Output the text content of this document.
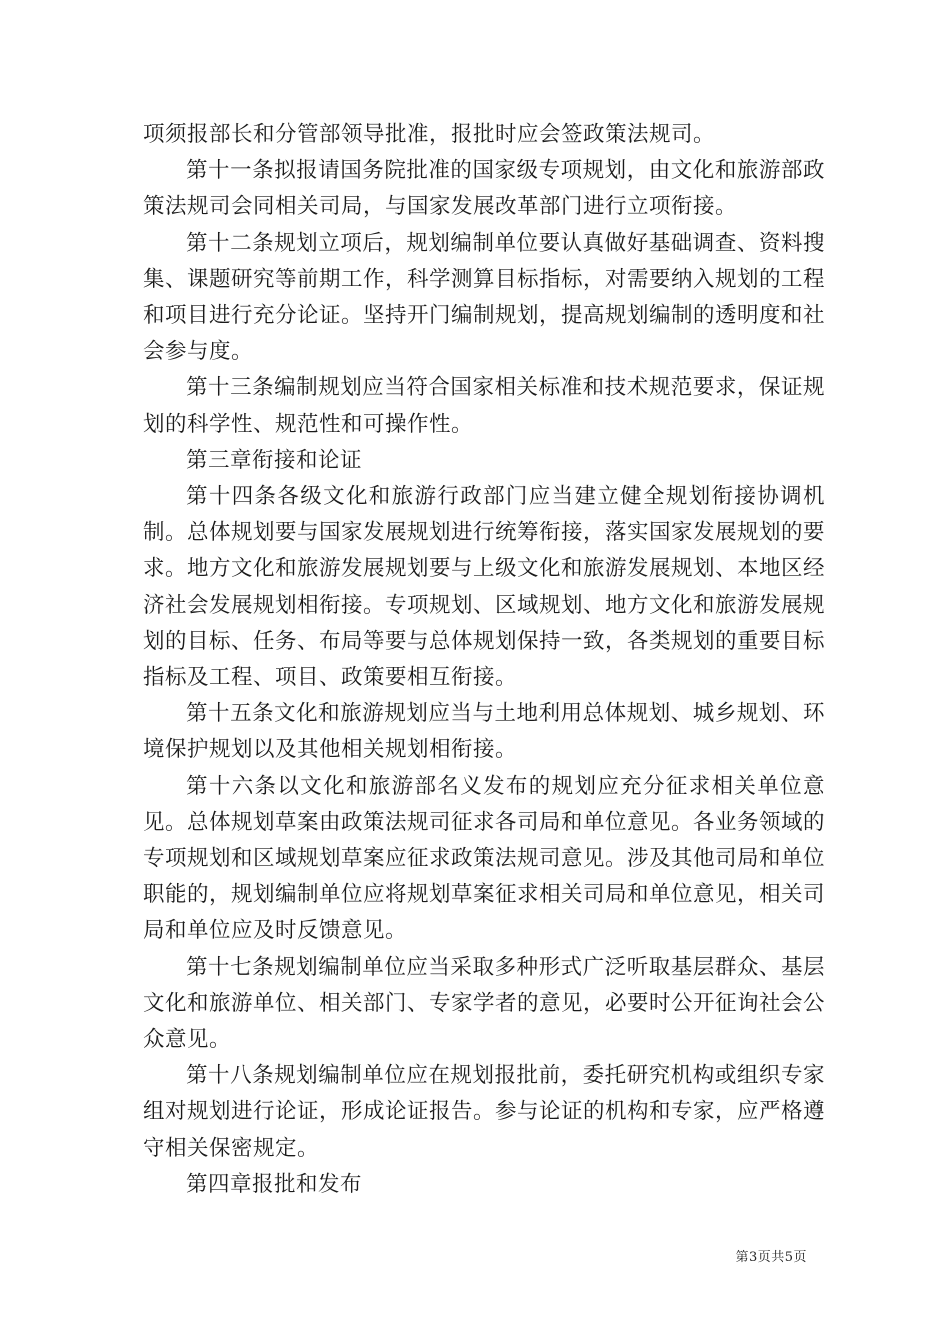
项须报部长和分管部领导批准，报批时应会签政策法规司。

第十一条拟报请国务院批准的国家级专项规划，由文化和旅游部政策法规司会同相关司局，与国家发展改革部门进行立项衔接。

第十二条规划立项后，规划编制单位要认真做好基础调查、资料搜集、课题研究等前期工作，科学测算目标指标，对需要纳入规划的工程和项目进行充分论证。坚持开门编制规划，提高规划编制的透明度和社会参与度。

第十三条编制规划应当符合国家相关标准和技术规范要求，保证规划的科学性、规范性和可操作性。

第三章衔接和论证

第十四条各级文化和旅游行政部门应当建立健全规划衔接协调机制。总体规划要与国家发展规划进行统筹衔接，落实国家发展规划的要求。地方文化和旅游发展规划要与上级文化和旅游发展规划、本地区经济社会发展规划相衔接。专项规划、区域规划、地方文化和旅游发展规划的目标、任务、布局等要与总体规划保持一致，各类规划的重要目标指标及工程、项目、政策要相互衔接。

第十五条文化和旅游规划应当与土地利用总体规划、城乡规划、环境保护规划以及其他相关规划相衔接。

第十六条以文化和旅游部名义发布的规划应充分征求相关单位意见。总体规划草案由政策法规司征求各司局和单位意见。各业务领域的专项规划和区域规划草案应征求政策法规司意见。涉及其他司局和单位职能的，规划编制单位应将规划草案征求相关司局和单位意见，相关司局和单位应及时反馈意见。

第十七条规划编制单位应当采取多种形式广泛听取基层群众、基层文化和旅游单位、相关部门、专家学者的意见，必要时公开征询社会公众意见。

第十八条规划编制单位应在规划报批前，委托研究机构或组织专家组对规划进行论证，形成论证报告。参与论证的机构和专家，应严格遵守相关保密规定。

第四章报批和发布

第3页共5页
